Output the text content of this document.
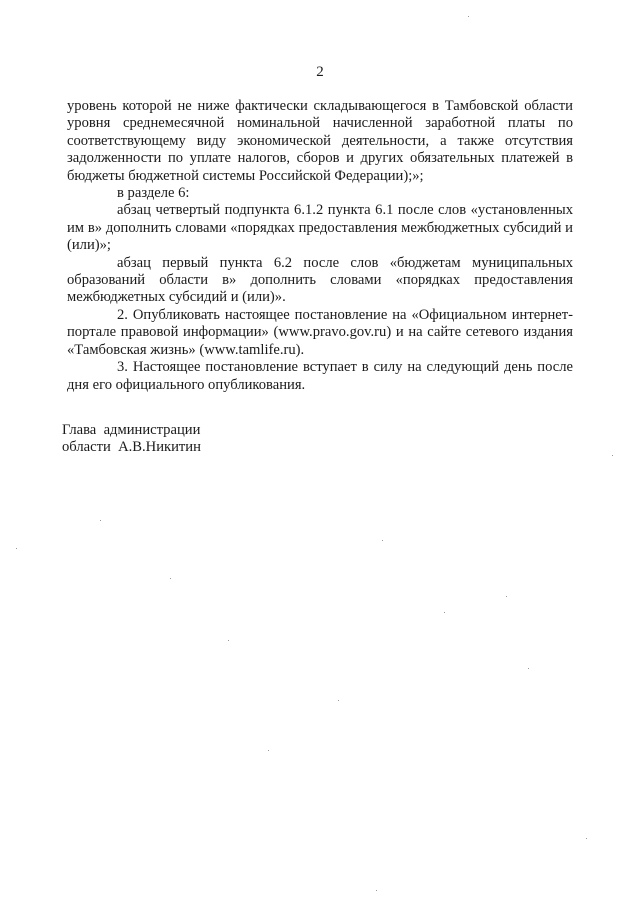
2

уровень которой не ниже фактически складывающегося в Тамбовской области уровня среднемесячной номинальной начисленной заработной платы по соответствующему виду экономической деятельности, а также отсутствия задолженности по уплате налогов, сборов и других обязательных платежей в бюджеты бюджетной системы Российской Федерации);»;

в разделе 6:

абзац четвертый подпункта 6.1.2 пункта 6.1 после слов «установленных им в» дополнить словами «порядках предоставления межбюджетных субсидий и (или)»;

абзац первый пункта 6.2 после слов «бюджетам муниципальных образований области в» дополнить словами «порядках предоставления межбюджетных субсидий и (или)».

2. Опубликовать настоящее постановление на «Официальном интернет-портале правовой информации» (www.pravo.gov.ru) и на сайте сетевого издания «Тамбовская жизнь» (www.tamlife.ru).

3. Настоящее постановление вступает в силу на следующий день после дня его официального опубликования.

Глава  администрации
области  А.В.Никитин
